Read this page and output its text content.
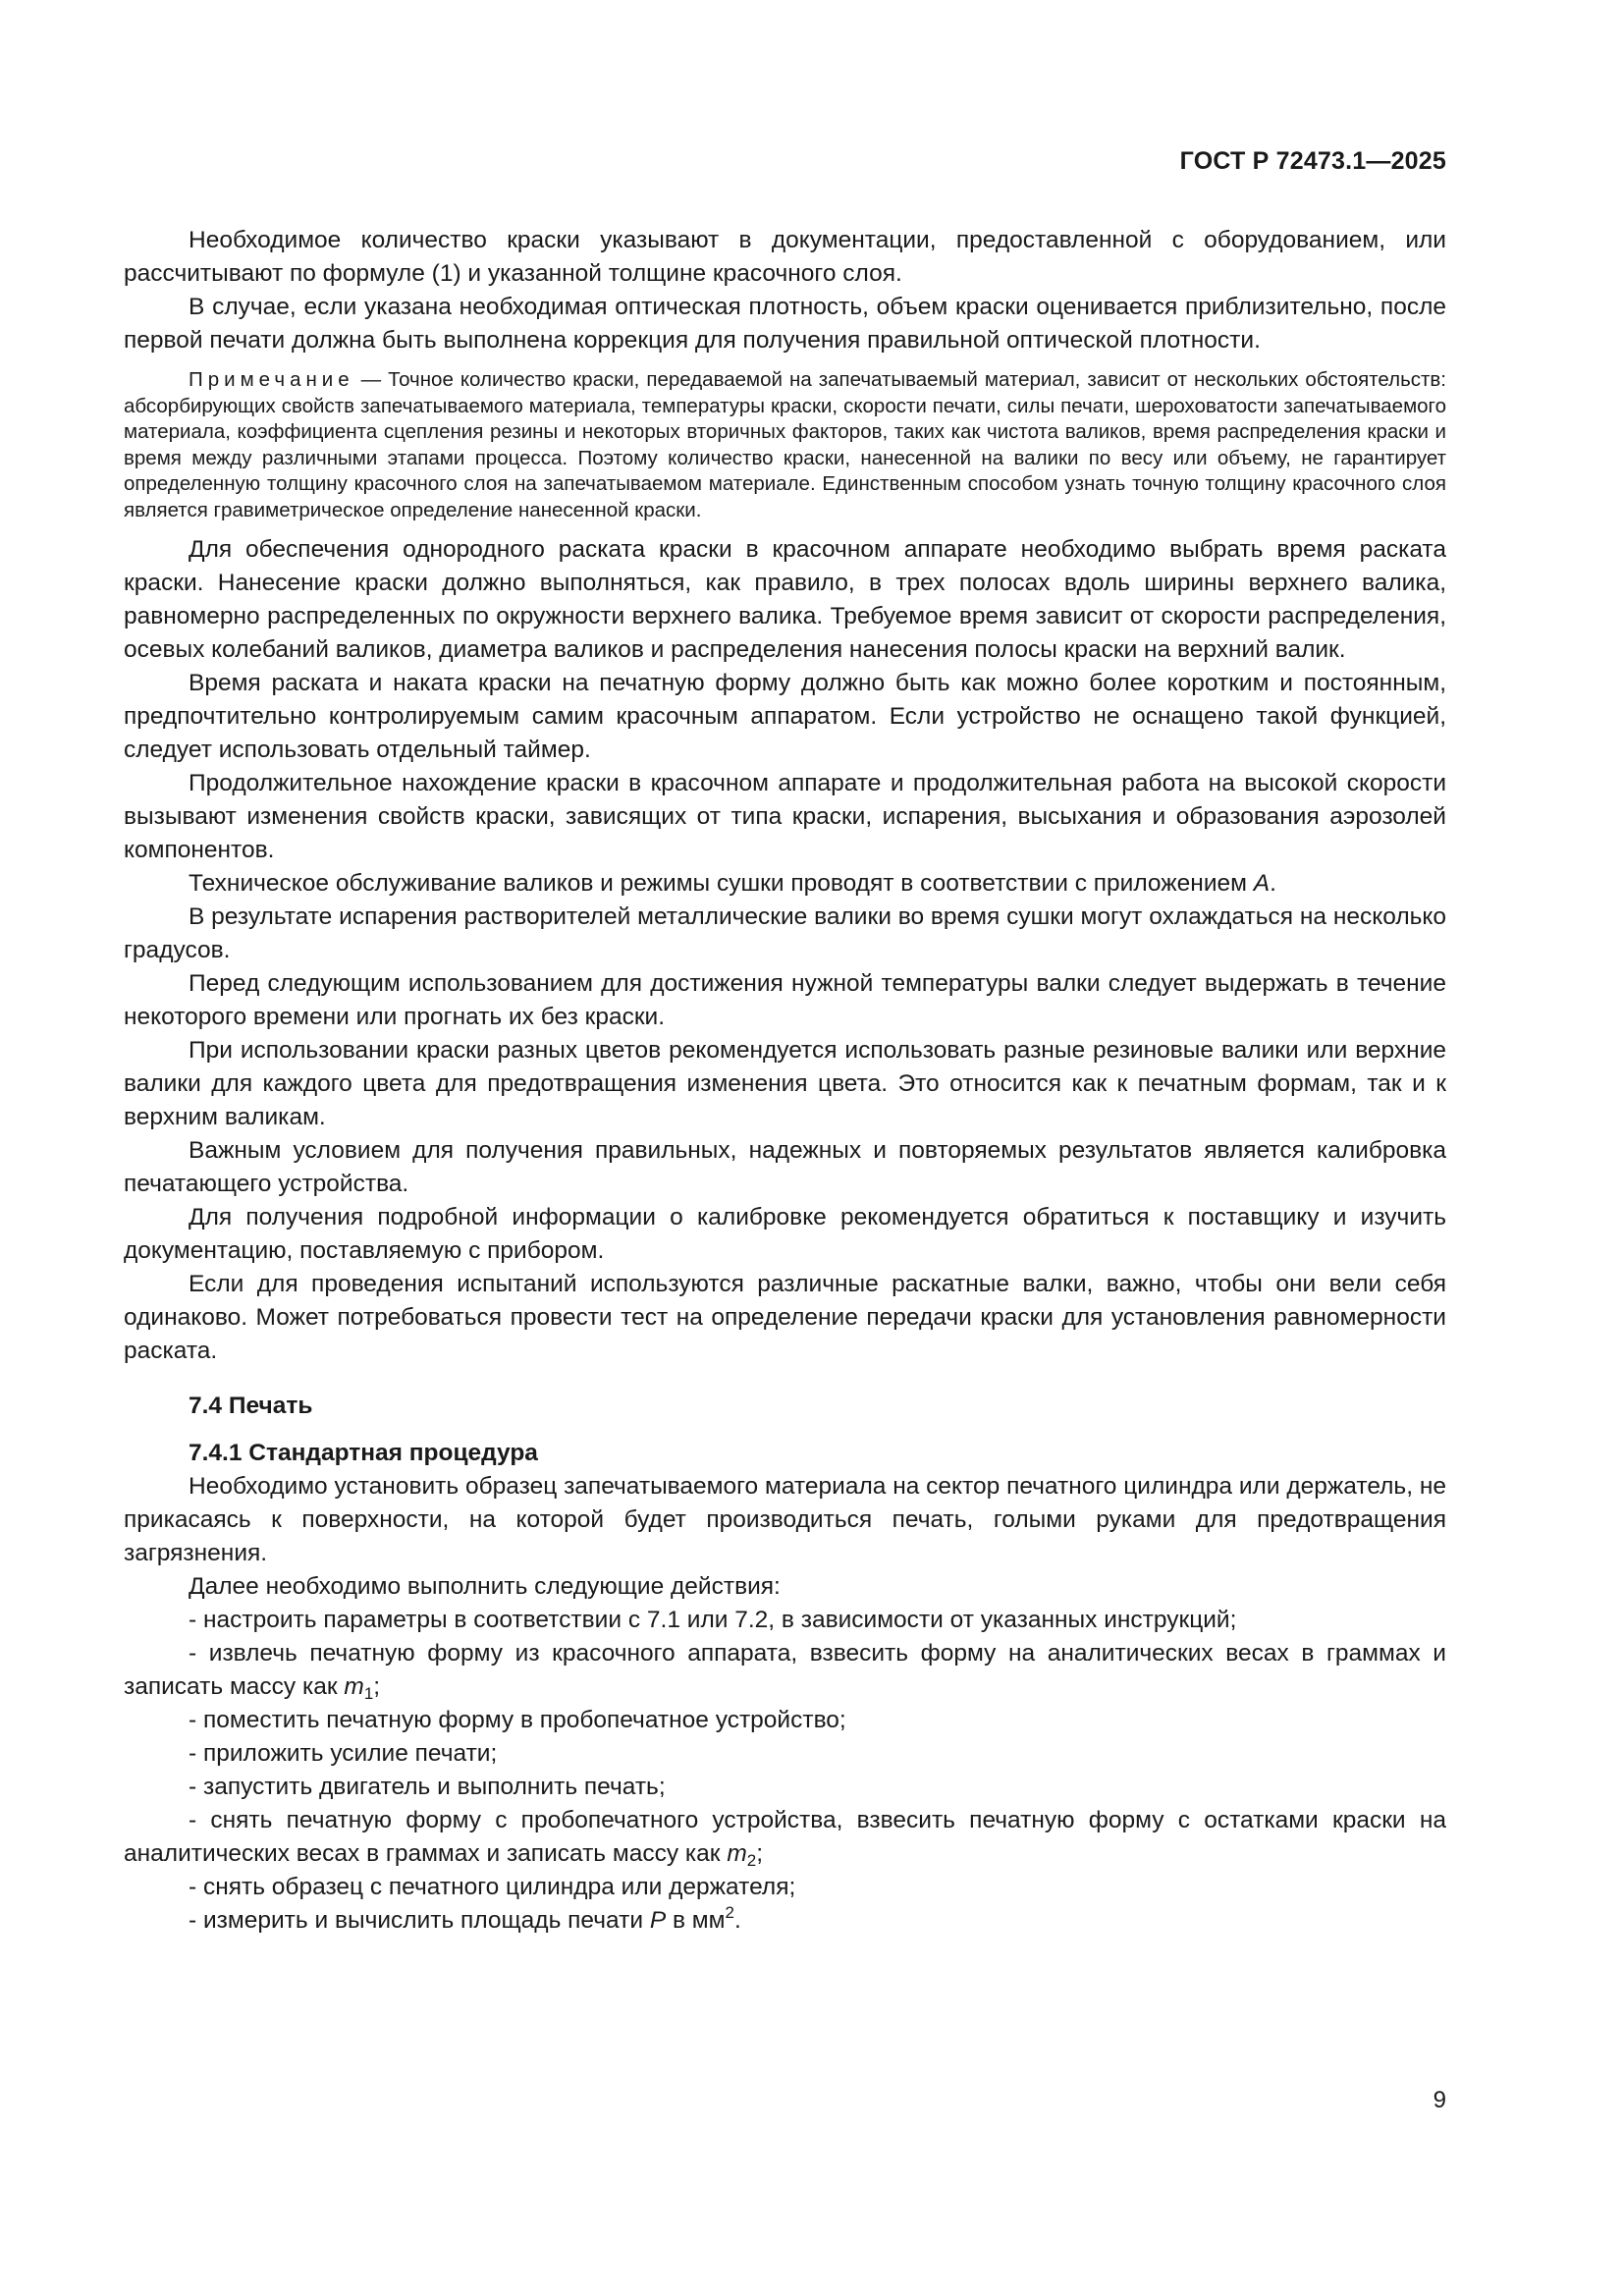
ГОСТ Р 72473.1—2025

Необходимое количество краски указывают в документации, предоставленной с оборудованием, или рассчитывают по формуле (1) и указанной толщине красочного слоя.

В случае, если указана необходимая оптическая плотность, объем краски оценивается приблизительно, после первой печати должна быть выполнена коррекция для получения правильной оптической плотности.

Примечание — Точное количество краски, передаваемой на запечатываемый материал, зависит от нескольких обстоятельств: абсорбирующих свойств запечатываемого материала, температуры краски, скорости печати, силы печати, шероховатости запечатываемого материала, коэффициента сцепления резины и некоторых вторичных факторов, таких как чистота валиков, время распределения краски и время между различными этапами процесса. Поэтому количество краски, нанесенной на валики по весу или объему, не гарантирует определенную толщину красочного слоя на запечатываемом материале. Единственным способом узнать точную толщину красочного слоя является гравиметрическое определение нанесенной краски.

Для обеспечения однородного раската краски в красочном аппарате необходимо выбрать время раската краски. Нанесение краски должно выполняться, как правило, в трех полосах вдоль ширины верхнего валика, равномерно распределенных по окружности верхнего валика. Требуемое время зависит от скорости распределения, осевых колебаний валиков, диаметра валиков и распределения нанесения полосы краски на верхний валик.

Время раската и наката краски на печатную форму должно быть как можно более коротким и постоянным, предпочтительно контролируемым самим красочным аппаратом. Если устройство не оснащено такой функцией, следует использовать отдельный таймер.

Продолжительное нахождение краски в красочном аппарате и продолжительная работа на высокой скорости вызывают изменения свойств краски, зависящих от типа краски, испарения, высыхания и образования аэрозолей компонентов.

Техническое обслуживание валиков и режимы сушки проводят в соответствии с приложением А.

В результате испарения растворителей металлические валики во время сушки могут охлаждаться на несколько градусов.

Перед следующим использованием для достижения нужной температуры валки следует выдержать в течение некоторого времени или прогнать их без краски.

При использовании краски разных цветов рекомендуется использовать разные резиновые валики или верхние валики для каждого цвета для предотвращения изменения цвета. Это относится как к печатным формам, так и к верхним валикам.

Важным условием для получения правильных, надежных и повторяемых результатов является калибровка печатающего устройства.

Для получения подробной информации о калибровке рекомендуется обратиться к поставщику и изучить документацию, поставляемую с прибором.

Если для проведения испытаний используются различные раскатные валки, важно, чтобы они вели себя одинаково. Может потребоваться провести тест на определение передачи краски для установления равномерности раската.

7.4 Печать

7.4.1 Стандартная процедура

Необходимо установить образец запечатываемого материала на сектор печатного цилиндра или держатель, не прикасаясь к поверхности, на которой будет производиться печать, голыми руками для предотвращения загрязнения.

Далее необходимо выполнить следующие действия:

- настроить параметры в соответствии с 7.1 или 7.2, в зависимости от указанных инструкций;

- извлечь печатную форму из красочного аппарата, взвесить форму на аналитических весах в граммах и записать массу как $m_1$;

- поместить печатную форму в пробопечатное устройство;

- приложить усилие печати;

- запустить двигатель и выполнить печать;

- снять печатную форму с пробопечатного устройства, взвесить печатную форму с остатками краски на аналитических весах в граммах и записать массу как $m_2$;

- снять образец с печатного цилиндра или держателя;

- измерить и вычислить площадь печати P в $мм^2$.

9
